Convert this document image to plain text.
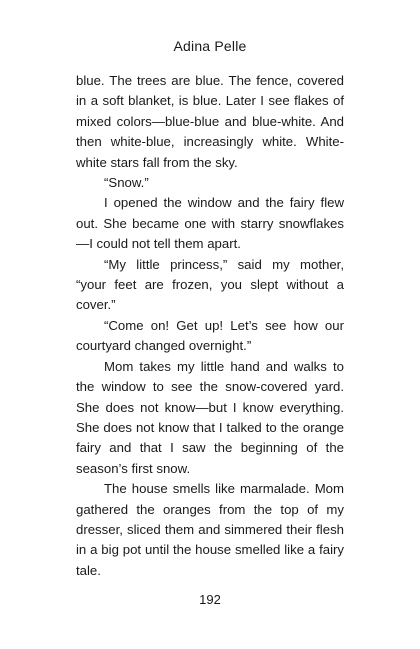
Adina Pelle

blue. The trees are blue. The fence, covered in a soft blanket, is blue. Later I see flakes of mixed colors—blue-blue and blue-white. And then white-blue, increasingly white. White-white stars fall from the sky.

“Snow.”

I opened the window and the fairy flew out. She became one with starry snowflakes —I could not tell them apart.

“My little princess,” said my mother, “your feet are frozen, you slept without a cover.”

“Come on! Get up! Let’s see how our courtyard changed overnight.”

Mom takes my little hand and walks to the window to see the snow-covered yard. She does not know—but I know everything. She does not know that I talked to the orange fairy and that I saw the beginning of the season’s first snow.

The house smells like marmalade. Mom gathered the oranges from the top of my dresser, sliced them and simmered their flesh in a big pot until the house smelled like a fairy tale.

192
